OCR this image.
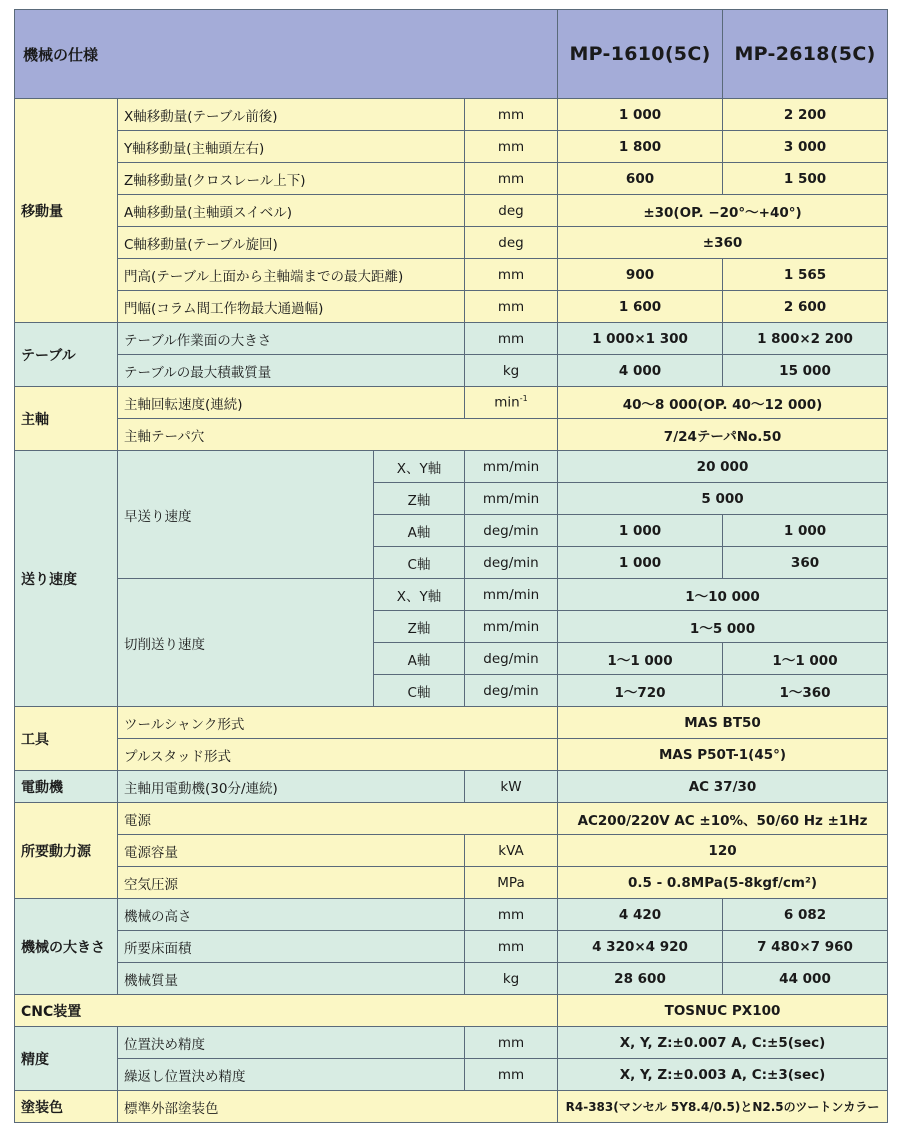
機械の仕様				MP-1610(5C)	MP-2618(5C)
移動量	X軸移動量(テーブル前後)		mm	1 000	2 200
	Y軸移動量(主軸頭左右)		mm	1 800	3 000
	Z軸移動量(クロスレール上下)		mm	600	1 500
	A軸移動量(主軸頭スイベル)		deg	±30(OP. −20°〜+40°)	
	C軸移動量(テーブル旋回)		deg	±360	
	門高(テーブル上面から主軸端までの最大距離)		mm	900	1 565
	門幅(コラム間工作物最大通過幅)		mm	1 600	2 600
テーブル	テーブル作業面の大きさ		mm	1 000×1 300	1 800×2 200
	テーブルの最大積載質量		kg	4 000	15 000
主軸	主軸回転速度(連続)		$\min^{-1}$	40〜8 000(OP. 40〜12 000)	
	主軸テーパ穴			7/24テーパNo.50	
送り速度	早送り速度	X、Y軸	mm/min	20 000	
		Z軸	mm/min	5 000	
		A軸	deg/min	1 000	1 000
		C軸	deg/min	1 000	360
	切削送り速度	X、Y軸	mm/min	1〜10 000	
		Z軸	mm/min	1〜5 000	
		A軸	deg/min	1〜1 000	1〜1 000
		C軸	deg/min	1〜720	1〜360
工具	ツールシャンク形式			MAS BT50	
	プルスタッド形式			MAS P50T-1(45°)	
電動機	主軸用電動機(30分/連続)		kW	AC 37/30	
所要動力源	電源			AC200/220V AC ±10%、50/60 Hz ±1Hz	
	電源容量		kVA	120	
	空気圧源		MPa	0.5 - 0.8MPa(5-8kgf/cm²)	
機械の大きさ	機械の高さ		mm	4 420	6 082
	所要床面積		mm	4 320×4 920	7 480×7 960
	機械質量		kg	28 600	44 000
CNC装置				TOSNUC PX100	
精度	位置決め精度		mm	X, Y, Z:±0.007 A, C:±5(sec)	
	繰返し位置決め精度		mm	X, Y, Z:±0.003 A, C:±3(sec)	
塗装色	標準外部塗装色			R4-383(マンセル 5Y8.4/0.5)とN2.5のツートンカラー	
